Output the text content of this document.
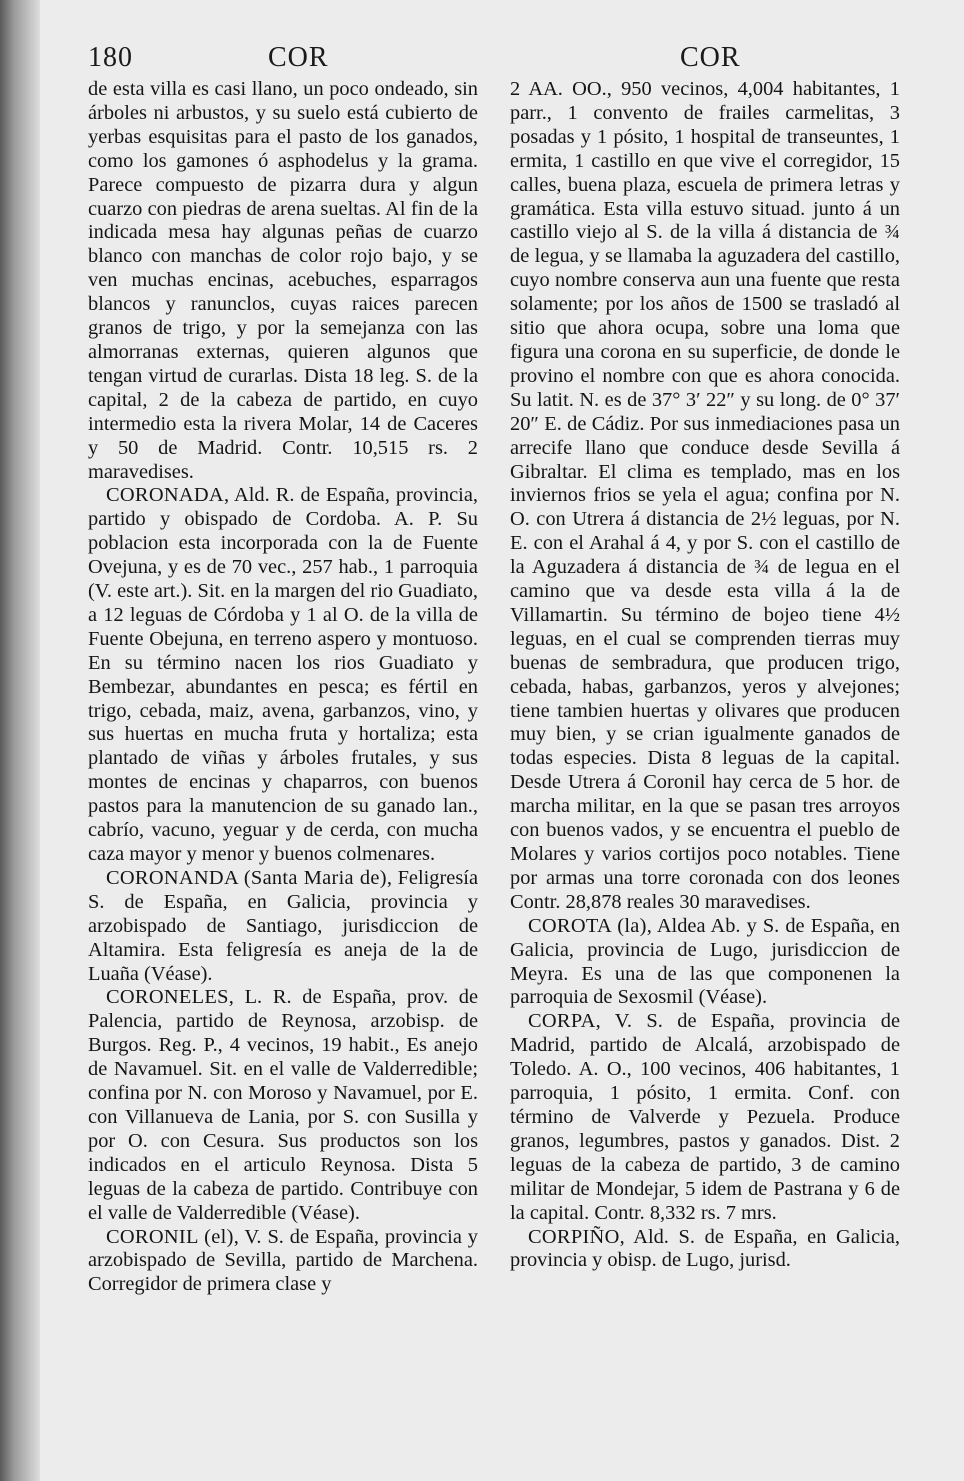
180	COR	COR

de esta villa es casi llano, un poco ondeado, sin árboles ni arbustos, y su suelo está cubierto de yerbas esquisitas para el pasto de los ganados, como los gamones ó asphodelus y la grama. Parece compuesto de pizarra dura y algun cuarzo con piedras de arena sueltas. Al fin de la indicada mesa hay algunas peñas de cuarzo blanco con manchas de color rojo bajo, y se ven muchas encinas, acebuches, esparragos blancos y ranunclos, cuyas raices parecen granos de trigo, y por la semejanza con las almorranas externas, quieren algunos que tengan virtud de curarlas. Dista 18 leg. S. de la capital, 2 de la cabeza de partido, en cuyo intermedio esta la rivera Molar, 14 de Caceres y 50 de Madrid. Contr. 10,515 rs. 2 maravedises.

CORONADA, Ald. R. de España, provincia, partido y obispado de Cordoba. A. P. Su poblacion esta incorporada con la de Fuente Ovejuna, y es de 70 vec., 257 hab., 1 parroquia (V. este art.). Sit. en la margen del rio Guadiato, a 12 leguas de Córdoba y 1 al O. de la villa de Fuente Obejuna, en terreno aspero y montuoso. En su término nacen los rios Guadiato y Bembezar, abundantes en pesca; es fértil en trigo, cebada, maiz, avena, garbanzos, vino, y sus huertas en mucha fruta y hortaliza; esta plantado de viñas y árboles frutales, y sus montes de encinas y chaparros, con buenos pastos para la manutencion de su ganado lan., cabrío, vacuno, yeguar y de cerda, con mucha caza mayor y menor y buenos colmenares.

CORONANDA (Santa Maria de), Feligresía S. de España, en Galicia, provincia y arzobispado de Santiago, jurisdiccion de Altamira. Esta feligresía es aneja de la de Luaña (Véase).

CORONELES, L. R. de España, prov. de Palencia, partido de Reynosa, arzobisp. de Burgos. Reg. P., 4 vecinos, 19 habit., Es anejo de Navamuel. Sit. en el valle de Valderredible; confina por N. con Moroso y Navamuel, por E. con Villanueva de Lania, por S. con Susilla y por O. con Cesura. Sus productos son los indicados en el articulo Reynosa. Dista 5 leguas de la cabeza de partido. Contribuye con el valle de Valderredible (Véase).

CORONIL (el), V. S. de España, provincia y arzobispado de Sevilla, partido de Marchena. Corregidor de primera clase y

2 AA. OO., 950 vecinos, 4,004 habitantes, 1 parr., 1 convento de frailes carmelitas, 3 posadas y 1 pósito, 1 hospital de transeuntes, 1 ermita, 1 castillo en que vive el corregidor, 15 calles, buena plaza, escuela de primera letras y gramática. Esta villa estuvo situad. junto á un castillo viejo al S. de la villa á distancia de ¾ de legua, y se llamaba la aguzadera del castillo, cuyo nombre conserva aun una fuente que resta solamente; por los años de 1500 se trasladó al sitio que ahora ocupa, sobre una loma que figura una corona en su superficie, de donde le provino el nombre con que es ahora conocida. Su latit. N. es de 37° 3′ 22″ y su long. de 0° 37′ 20″ E. de Cádiz. Por sus inmediaciones pasa un arrecife llano que conduce desde Sevilla á Gibraltar. El clima es templado, mas en los inviernos frios se yela el agua; confina por N. O. con Utrera á distancia de 2½ leguas, por N. E. con el Arahal á 4, y por S. con el castillo de la Aguzadera á distancia de ¾ de legua en el camino que va desde esta villa á la de Villamartin. Su término de bojeo tiene 4½ leguas, en el cual se comprenden tierras muy buenas de sembradura, que producen trigo, cebada, habas, garbanzos, yeros y alvejones; tiene tambien huertas y olivares que producen muy bien, y se crian igualmente ganados de todas especies. Dista 8 leguas de la capital. Desde Utrera á Coronil hay cerca de 5 hor. de marcha militar, en la que se pasan tres arroyos con buenos vados, y se encuentra el pueblo de Molares y varios cortijos poco notables. Tiene por armas una torre coronada con dos leones Contr. 28,878 reales 30 maravedises.

COROTA (la), Aldea Ab. y S. de España, en Galicia, provincia de Lugo, jurisdiccion de Meyra. Es una de las que componenen la parroquia de Sexosmil (Véase).

CORPA, V. S. de España, provincia de Madrid, partido de Alcalá, arzobispado de Toledo. A. O., 100 vecinos, 406 habitantes, 1 parroquia, 1 pósito, 1 ermita. Conf. con término de Valverde y Pezuela. Produce granos, legumbres, pastos y ganados. Dist. 2 leguas de la cabeza de partido, 3 de camino militar de Mondejar, 5 idem de Pastrana y 6 de la capital. Contr. 8,332 rs. 7 mrs.

CORPIÑO, Ald. S. de España, en Galicia, provincia y obisp. de Lugo, jurisd.
